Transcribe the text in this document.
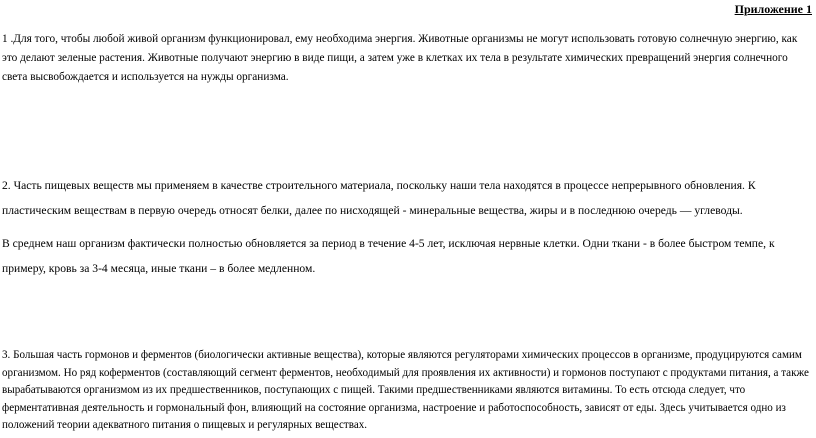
Приложение 1

1 .Для того, чтобы любой живой организм функционировал, ему необходима энергия. Животные организмы не могут использовать готовую солнечную энергию, как это делают зеленые растения. Животные получают энергию в виде пищи, а затем уже в клетках их тела в результате химических превращений энергия солнечного света высвобождается и используется на нужды организма.

2. Часть пищевых веществ мы применяем в качестве строительного материала, поскольку наши тела находятся в процессе непрерывного обновления. К пластическим веществам в первую очередь относят белки, далее по нисходящей - минеральные вещества, жиры и в последнюю очередь — углеводы.

В среднем наш организм фактически полностью обновляется за период в течение 4-5 лет, исключая нервные клетки. Одни ткани - в более быстром темпе, к примеру, кровь за 3-4 месяца, иные ткани – в более медленном.

3. Большая часть гормонов и ферментов (биологически активные вещества), которые являются регуляторами химических процессов в организме, продуцируются самим организмом. Но ряд коферментов (составляющий сегмент ферментов, необходимый для проявления их активности) и гормонов поступают с продуктами питания, а также вырабатываются организмом из их предшественников, поступающих с пищей. Такими предшественниками являются витамины. То есть отсюда следует, что ферментативная деятельность и гормональный фон, влияющий на состояние организма, настроение и работоспособность, зависят от еды. Здесь учитывается одно из положений теории адекватного питания о пищевых и регулярных веществах.
